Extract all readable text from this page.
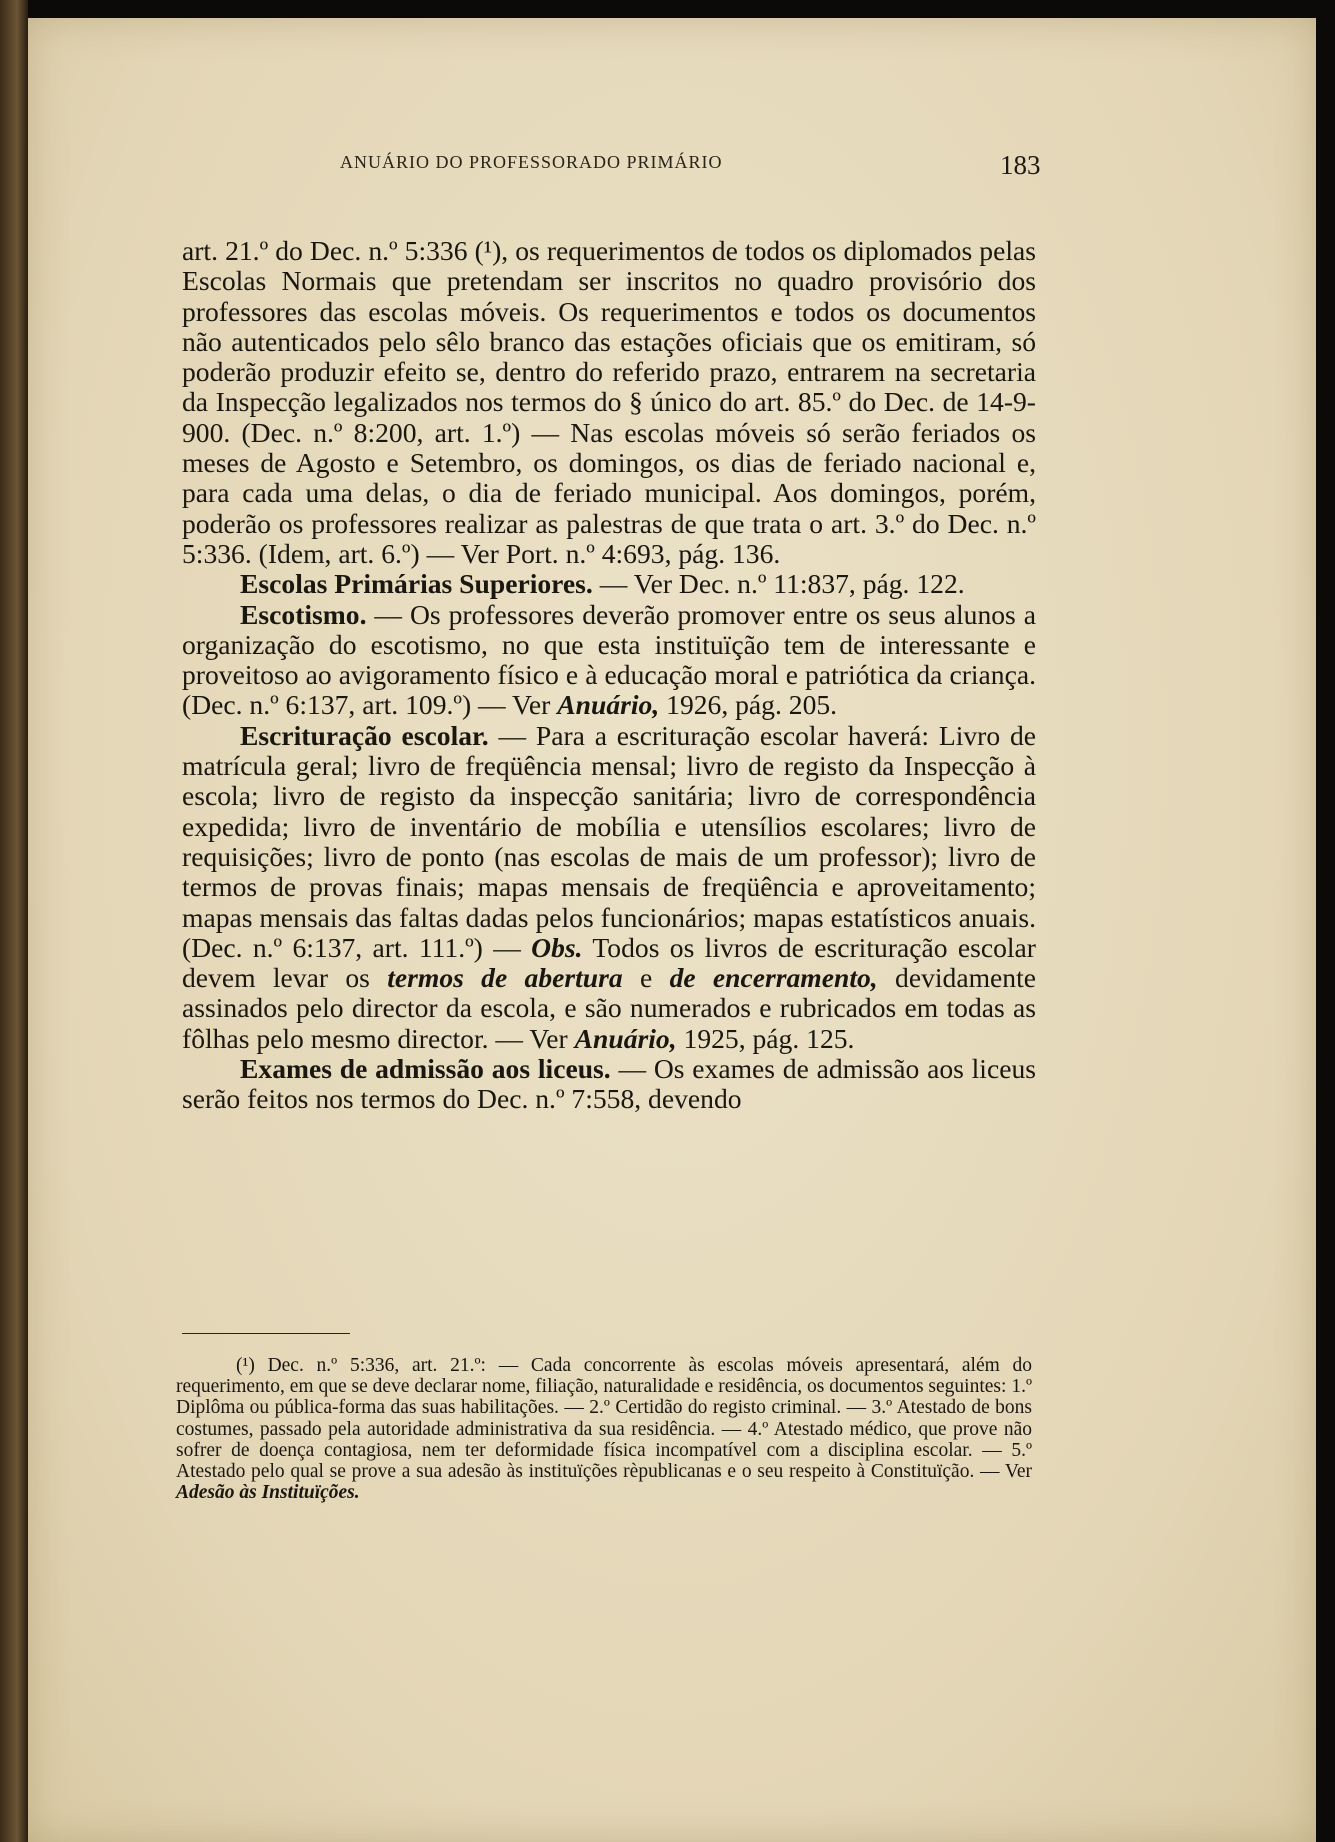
ANUÁRIO DO PROFESSORADO PRIMÁRIO	183

art. 21.º do Dec. n.º 5:336 (¹), os requerimentos de todos os diplomados pelas Escolas Normais que pretendam ser inscritos no quadro provisório dos professores das escolas móveis. Os requerimentos e todos os documentos não autenticados pelo sêlo branco das estações oficiais que os emitiram, só poderão produzir efeito se, dentro do referido prazo, entrarem na secretaria da Inspecção legalizados nos termos do § único do art. 85.º do Dec. de 14-9-900. (Dec. n.º 8:200, art. 1.º) — Nas escolas móveis só serão feriados os meses de Agosto e Setembro, os domingos, os dias de feriado nacional e, para cada uma delas, o dia de feriado municipal. Aos domingos, porém, poderão os professores realizar as palestras de que trata o art. 3.º do Dec. n.º 5:336. (Idem, art. 6.º) — Ver Port. n.º 4:693, pág. 136.

Escolas Primárias Superiores. — Ver Dec. n.º 11:837, pág. 122.

Escotismo. — Os professores deverão promover entre os seus alunos a organização do escotismo, no que esta instituïção tem de interessante e proveitoso ao avigoramento físico e à educação moral e patriótica da criança. (Dec. n.º 6:137, art. 109.º) — Ver Anuário, 1926, pág. 205.

Escrituração escolar. — Para a escrituração escolar haverá: Livro de matrícula geral; livro de freqüência mensal; livro de registo da Inspecção à escola; livro de registo da inspecção sanitária; livro de correspondência expedida; livro de inventário de mobília e utensílios escolares; livro de requisições; livro de ponto (nas escolas de mais de um professor); livro de termos de provas finais; mapas mensais de freqüência e aproveitamento; mapas mensais das faltas dadas pelos funcionários; mapas estatísticos anuais. (Dec. n.º 6:137, art. 111.º) — Obs. Todos os livros de escrituração escolar devem levar os termos de abertura e de encerramento, devidamente assinados pelo director da escola, e são numerados e rubricados em todas as fôlhas pelo mesmo director. — Ver Anuário, 1925, pág. 125.

Exames de admissão aos liceus. — Os exames de admissão aos liceus serão feitos nos termos do Dec. n.º 7:558, devendo

(¹) Dec. n.º 5:336, art. 21.º: — Cada concorrente às escolas móveis apresentará, além do requerimento, em que se deve declarar nome, filiação, naturalidade e residência, os documentos seguintes: 1.º Diplôma ou pública-forma das suas habilitações. — 2.º Certidão do registo criminal. — 3.º Atestado de bons costumes, passado pela autoridade administrativa da sua residência. — 4.º Atestado médico, que prove não sofrer de doença contagiosa, nem ter deformidade física incompatível com a disciplina escolar. — 5.º Atestado pelo qual se prove a sua adesão às instituïções rèpublicanas e o seu respeito à Constituïção. — Ver Adesão às Instituïções.
